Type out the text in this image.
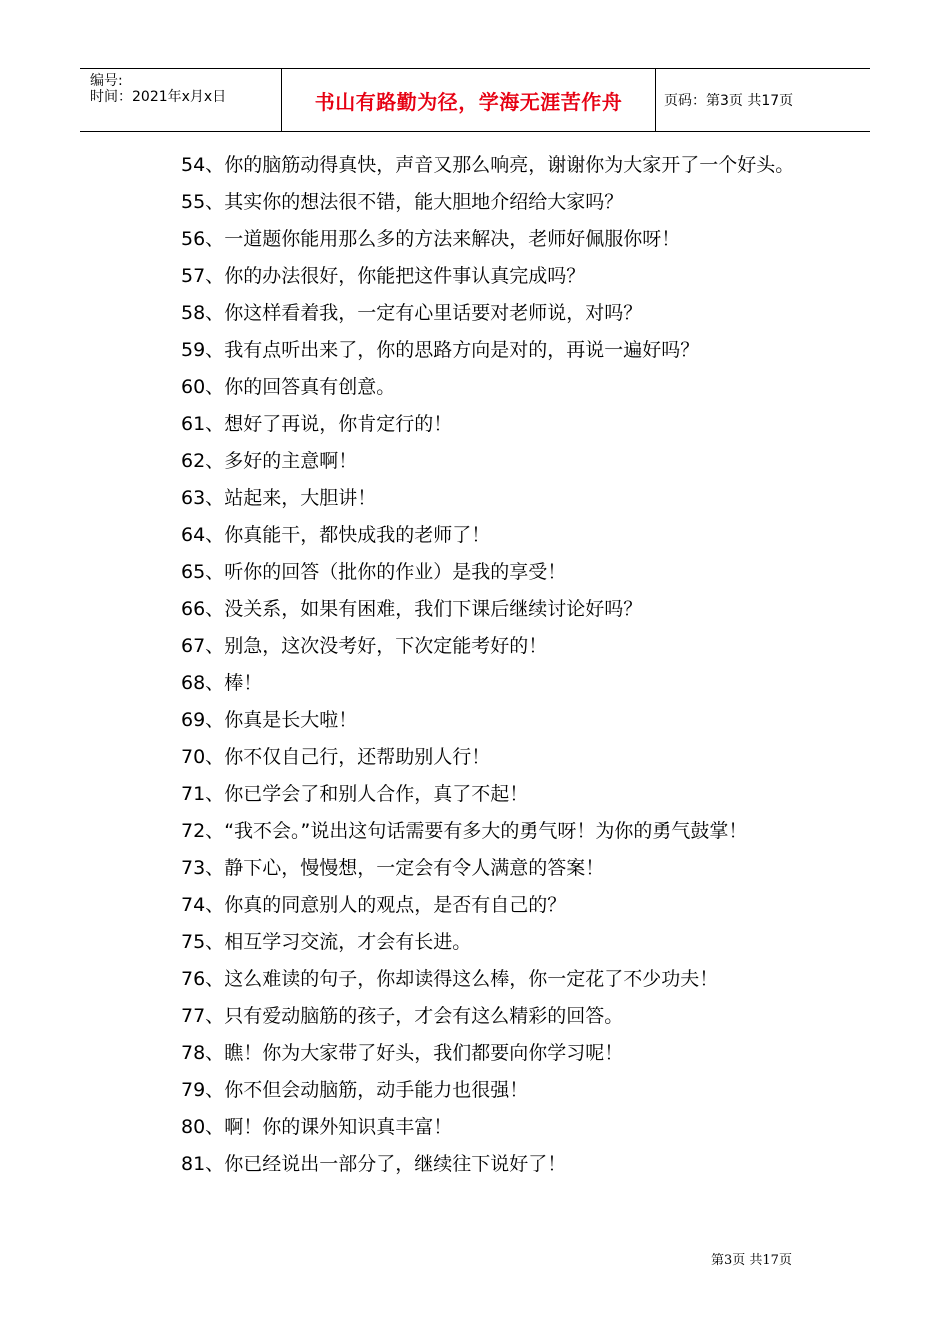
编号:
时间：2021年x月x日	书山有路勤为径，学海无涯苦作舟	页码：第3页 共17页

54、你的脑筋动得真快，声音又那么响亮，谢谢你为大家开了一个好头。

55、其实你的想法很不错，能大胆地介绍给大家吗？

56、一道题你能用那么多的方法来解决，老师好佩服你呀！

57、你的办法很好，你能把这件事认真完成吗？

58、你这样看着我，一定有心里话要对老师说，对吗？

59、我有点听出来了，你的思路方向是对的，再说一遍好吗？

60、你的回答真有创意。

61、想好了再说，你肯定行的！

62、多好的主意啊！

63、站起来，大胆讲！

64、你真能干，都快成我的老师了！

65、听你的回答（批你的作业）是我的享受！

66、没关系，如果有困难，我们下课后继续讨论好吗？

67、别急，这次没考好，下次定能考好的！

68、棒！

69、你真是长大啦！

70、你不仅自己行，还帮助别人行！

71、你已学会了和别人合作，真了不起！

72、“我不会。”说出这句话需要有多大的勇气呀！为你的勇气鼓掌！

73、静下心，慢慢想，一定会有令人满意的答案！

74、你真的同意别人的观点，是否有自己的？

75、相互学习交流，才会有长进。

76、这么难读的句子，你却读得这么棒，你一定花了不少功夫！

77、只有爱动脑筋的孩子，才会有这么精彩的回答。

78、瞧！你为大家带了好头，我们都要向你学习呢！

79、你不但会动脑筋，动手能力也很强！

80、啊！你的课外知识真丰富！

81、你已经说出一部分了，继续往下说好了！

第3页 共17页
